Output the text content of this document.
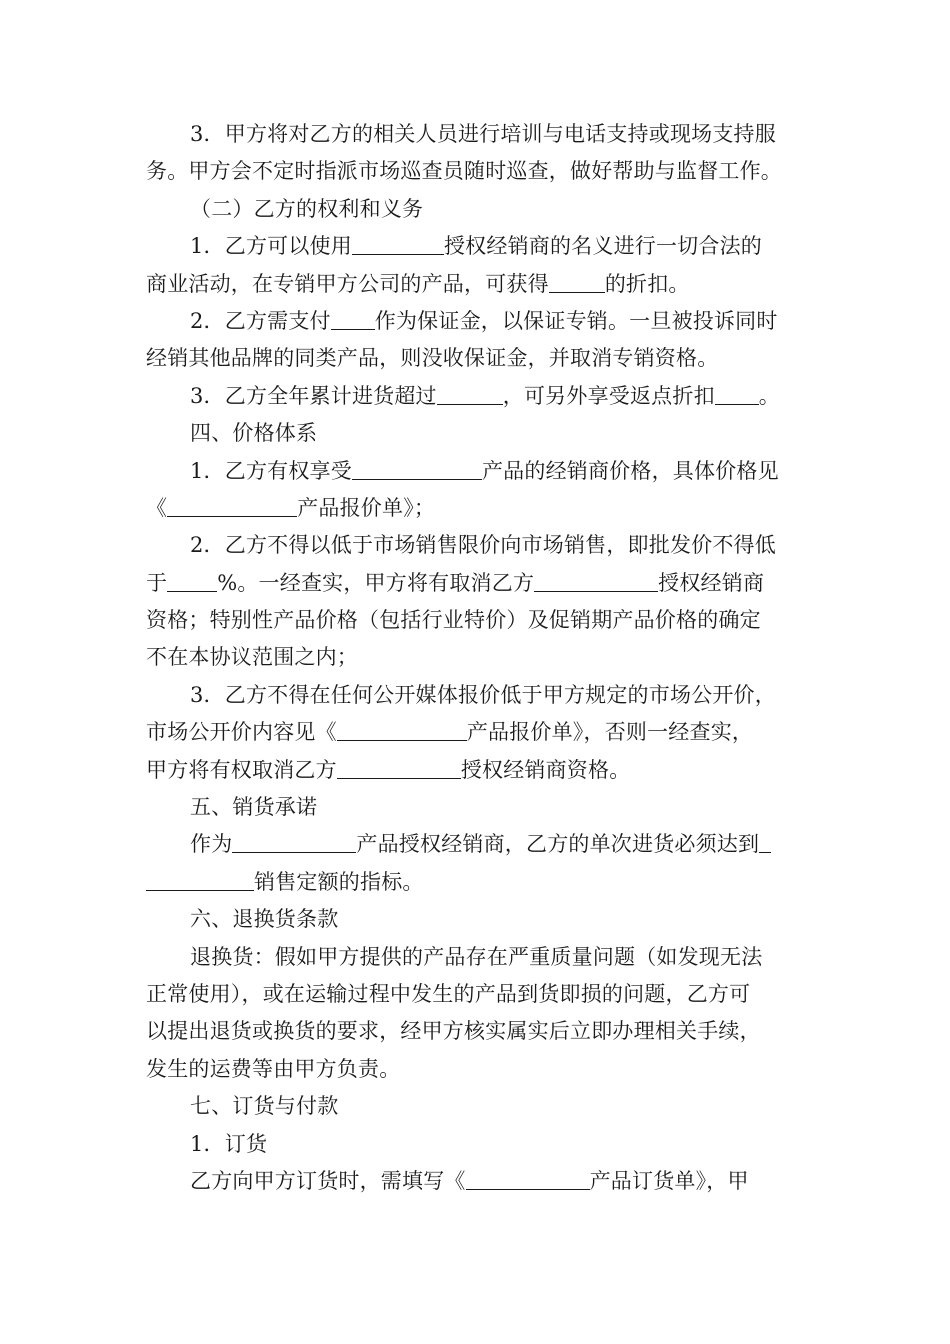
3．甲方将对乙方的相关人员进行培训与电话支持或现场支持服
务。甲方会不定时指派市场巡查员随时巡查，做好帮助与监督工作。
（二）乙方的权利和义务
1．乙方可以使用	授权经销商的名义进行一切合法的
商业活动，在专销甲方公司的产品，可获得	的折扣。
2．乙方需支付 作为保证金，以保证专销。一旦被投诉同时
经销其他品牌的同类产品，则没收保证金，并取消专销资格。
3．乙方全年累计进货超过	，可另外享受返点折扣 。
四、价格体系
1．乙方有权享受	产品的经销商价格，具体价格见
《	产品报价单》；
2．乙方不得以低于市场销售限价向市场销售，即批发价不得低
于 %。一经查实，甲方将有取消乙方	授权经销商
资格；特别性产品价格（包括行业特价）及促销期产品价格的确定
不在本协议范围之内；
3．乙方不得在任何公开媒体报价低于甲方规定的市场公开价，
市场公开价内容见《	产品报价单》，否则一经查实，
甲方将有权取消乙方	授权经销商资格。
五、销货承诺
作为	产品授权经销商，乙方的单次进货必须达到
销售定额的指标。
六、退换货条款
退换货：假如甲方提供的产品存在严重质量问题（如发现无法
正常使用），或在运输过程中发生的产品到货即损的问题，乙方可
以提出退货或换货的要求，经甲方核实属实后立即办理相关手续，
发生的运费等由甲方负责。
七、订货与付款
1．订货
乙方向甲方订货时，需填写《	产品订货单》，甲
